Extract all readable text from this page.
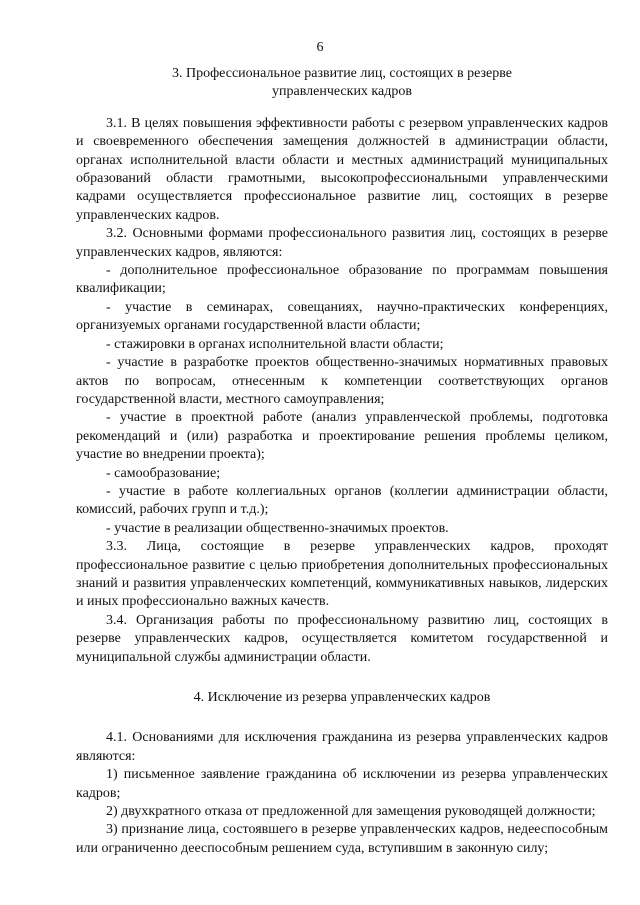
6
3. Профессиональное развитие лиц, состоящих в резерве
управленческих кадров
3.1. В целях повышения эффективности работы с резервом управленческих кадров и своевременного обеспечения замещения должностей в администрации области, органах исполнительной власти области и местных администраций муниципальных образований области грамотными, высокопрофессиональными управленческими кадрами осуществляется профессиональное развитие лиц, состоящих в резерве управленческих кадров.
3.2. Основными формами профессионального развития лиц, состоящих в резерве управленческих кадров, являются:
- дополнительное профессиональное образование по программам повышения квалификации;
- участие в семинарах, совещаниях, научно-практических конференциях, организуемых органами государственной власти области;
- стажировки в органах исполнительной власти области;
- участие в разработке проектов общественно-значимых нормативных правовых актов по вопросам, отнесенным к компетенции соответствующих органов государственной власти, местного самоуправления;
- участие в проектной работе (анализ управленческой проблемы, подготовка рекомендаций и (или) разработка и проектирование решения проблемы целиком, участие во внедрении проекта);
- самообразование;
- участие в работе коллегиальных органов (коллегии администрации области, комиссий, рабочих групп и т.д.);
- участие в реализации общественно-значимых проектов.
3.3. Лица, состоящие в резерве управленческих кадров, проходят профессиональное развитие с целью приобретения дополнительных профессиональных знаний и развития управленческих компетенций, коммуникативных навыков, лидерских и иных профессионально важных качеств.
3.4. Организация работы по профессиональному развитию лиц, состоящих в резерве управленческих кадров, осуществляется комитетом государственной и муниципальной службы администрации области.
4. Исключение из резерва управленческих кадров
4.1. Основаниями для исключения гражданина из резерва управленческих кадров являются:
1) письменное заявление гражданина об исключении из резерва управленческих кадров;
2) двухкратного отказа от предложенной для замещения руководящей должности;
3) признание лица, состоявшего в резерве управленческих кадров, недееспособным или ограниченно дееспособным решением суда, вступившим в законную силу;
